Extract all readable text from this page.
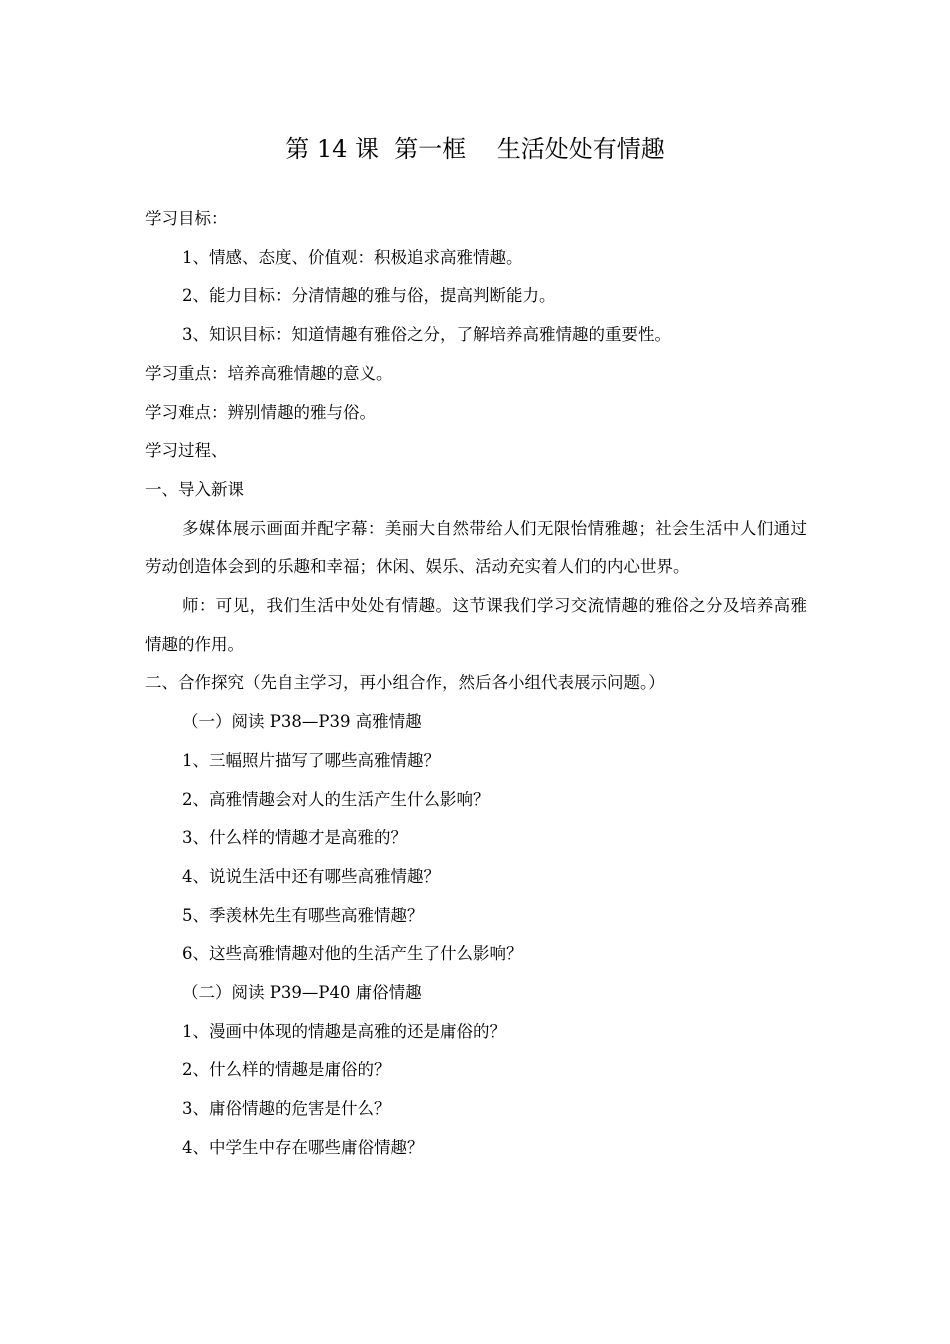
第 14 课  第一框    生活处处有情趣

学习目标：

1、情感、态度、价值观：积极追求高雅情趣。

2、能力目标：分清情趣的雅与俗，提高判断能力。

3、知识目标：知道情趣有雅俗之分，了解培养高雅情趣的重要性。

学习重点：培养高雅情趣的意义。

学习难点：辨别情趣的雅与俗。

学习过程、

一、导入新课

多媒体展示画面并配字幕：美丽大自然带给人们无限怡情雅趣；社会生活中人们通过劳动创造体会到的乐趣和幸福；休闲、娱乐、活动充实着人们的内心世界。

师：可见，我们生活中处处有情趣。这节课我们学习交流情趣的雅俗之分及培养高雅情趣的作用。

二、合作探究（先自主学习，再小组合作，然后各小组代表展示问题。）

（一）阅读 P38—P39 高雅情趣

1、三幅照片描写了哪些高雅情趣？

2、高雅情趣会对人的生活产生什么影响？

3、什么样的情趣才是高雅的？

4、说说生活中还有哪些高雅情趣？

5、季羡林先生有哪些高雅情趣？

6、这些高雅情趣对他的生活产生了什么影响？

（二）阅读 P39—P40 庸俗情趣

1、漫画中体现的情趣是高雅的还是庸俗的？

2、什么样的情趣是庸俗的？

3、庸俗情趣的危害是什么？

4、中学生中存在哪些庸俗情趣？
